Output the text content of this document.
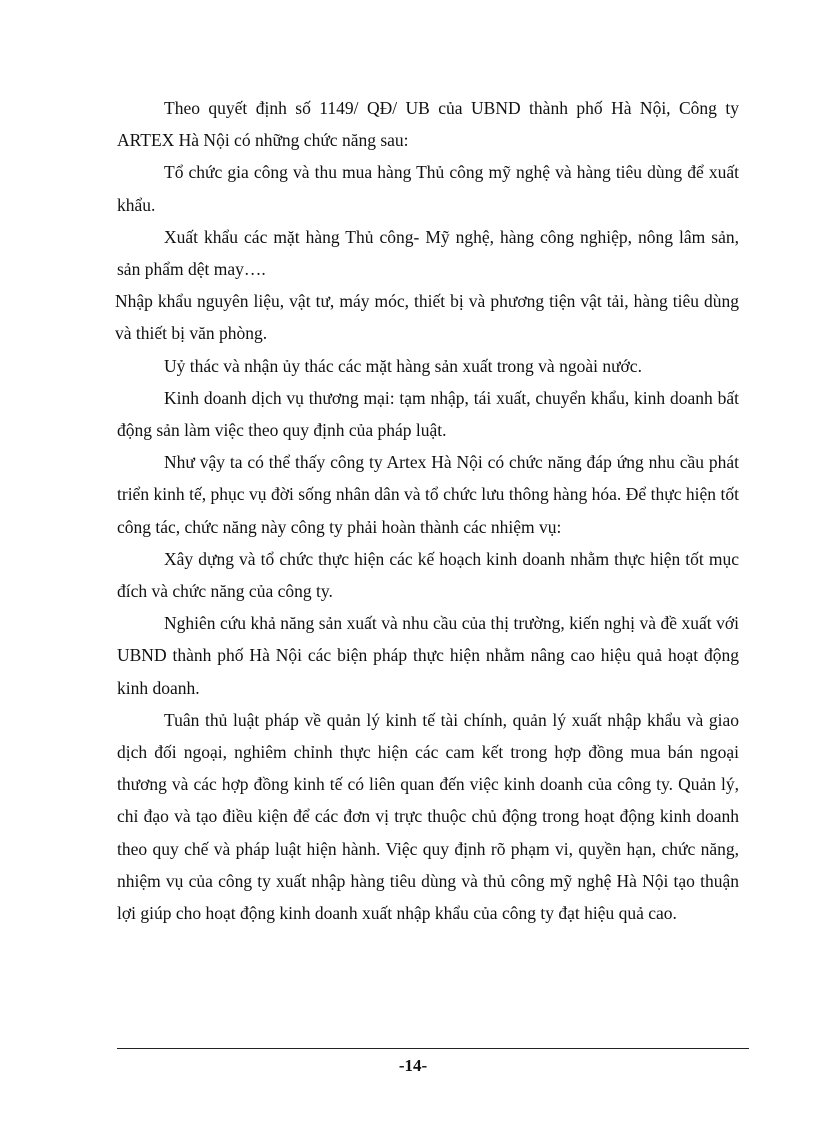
Theo quyết định số 1149/ QĐ/ UB của UBND thành phố Hà Nội, Công ty ARTEX Hà Nội có những chức năng sau:

Tổ chức gia công và thu mua hàng Thủ công mỹ nghệ và hàng tiêu dùng để xuất khẩu.

Xuất khẩu các mặt hàng Thủ công- Mỹ nghệ, hàng công nghiệp, nông lâm sản, sản phẩm dệt may….

Nhập khẩu nguyên liệu, vật tư, máy móc, thiết bị và phương tiện vật tải, hàng tiêu dùng và thiết bị văn phòng.

Uỷ thác và nhận ủy thác các mặt hàng sản xuất trong và ngoài nước.

Kinh doanh dịch vụ thương mại: tạm nhập, tái xuất, chuyển khẩu, kinh doanh bất động sản làm việc theo quy định của pháp luật.

Như vậy ta có thể thấy công ty Artex Hà Nội có chức năng đáp ứng nhu cầu phát triển kinh tế, phục vụ đời sống nhân dân và tổ chức lưu thông hàng hóa. Để thực hiện tốt công tác, chức năng này công ty phải hoàn thành các nhiệm vụ:

Xây dựng và tổ chức thực hiện các kế hoạch kinh doanh nhằm thực hiện tốt mục đích và chức năng của công ty.

Nghiên cứu khả năng sản xuất và nhu cầu của thị trường, kiến nghị và đề xuất với UBND thành phố Hà Nội các biện pháp thực hiện nhằm nâng cao hiệu quả hoạt động kinh doanh.

Tuân thủ luật pháp về quản lý kinh tế tài chính, quản lý xuất nhập khẩu và giao dịch đối ngoại, nghiêm chỉnh thực hiện các cam kết trong hợp đồng mua bán ngoại thương và các hợp đồng kinh tế có liên quan đến việc kinh doanh của công ty. Quản lý, chỉ đạo và tạo điều kiện để các đơn vị trực thuộc chủ động trong hoạt động kinh doanh theo quy chế và pháp luật hiện hành. Việc quy định rõ phạm vi, quyền hạn, chức năng, nhiệm vụ của công ty xuất nhập hàng tiêu dùng và thủ công mỹ nghệ Hà Nội tạo thuận lợi giúp cho hoạt động kinh doanh xuất nhập khẩu của công ty đạt hiệu quả cao.

-14-
